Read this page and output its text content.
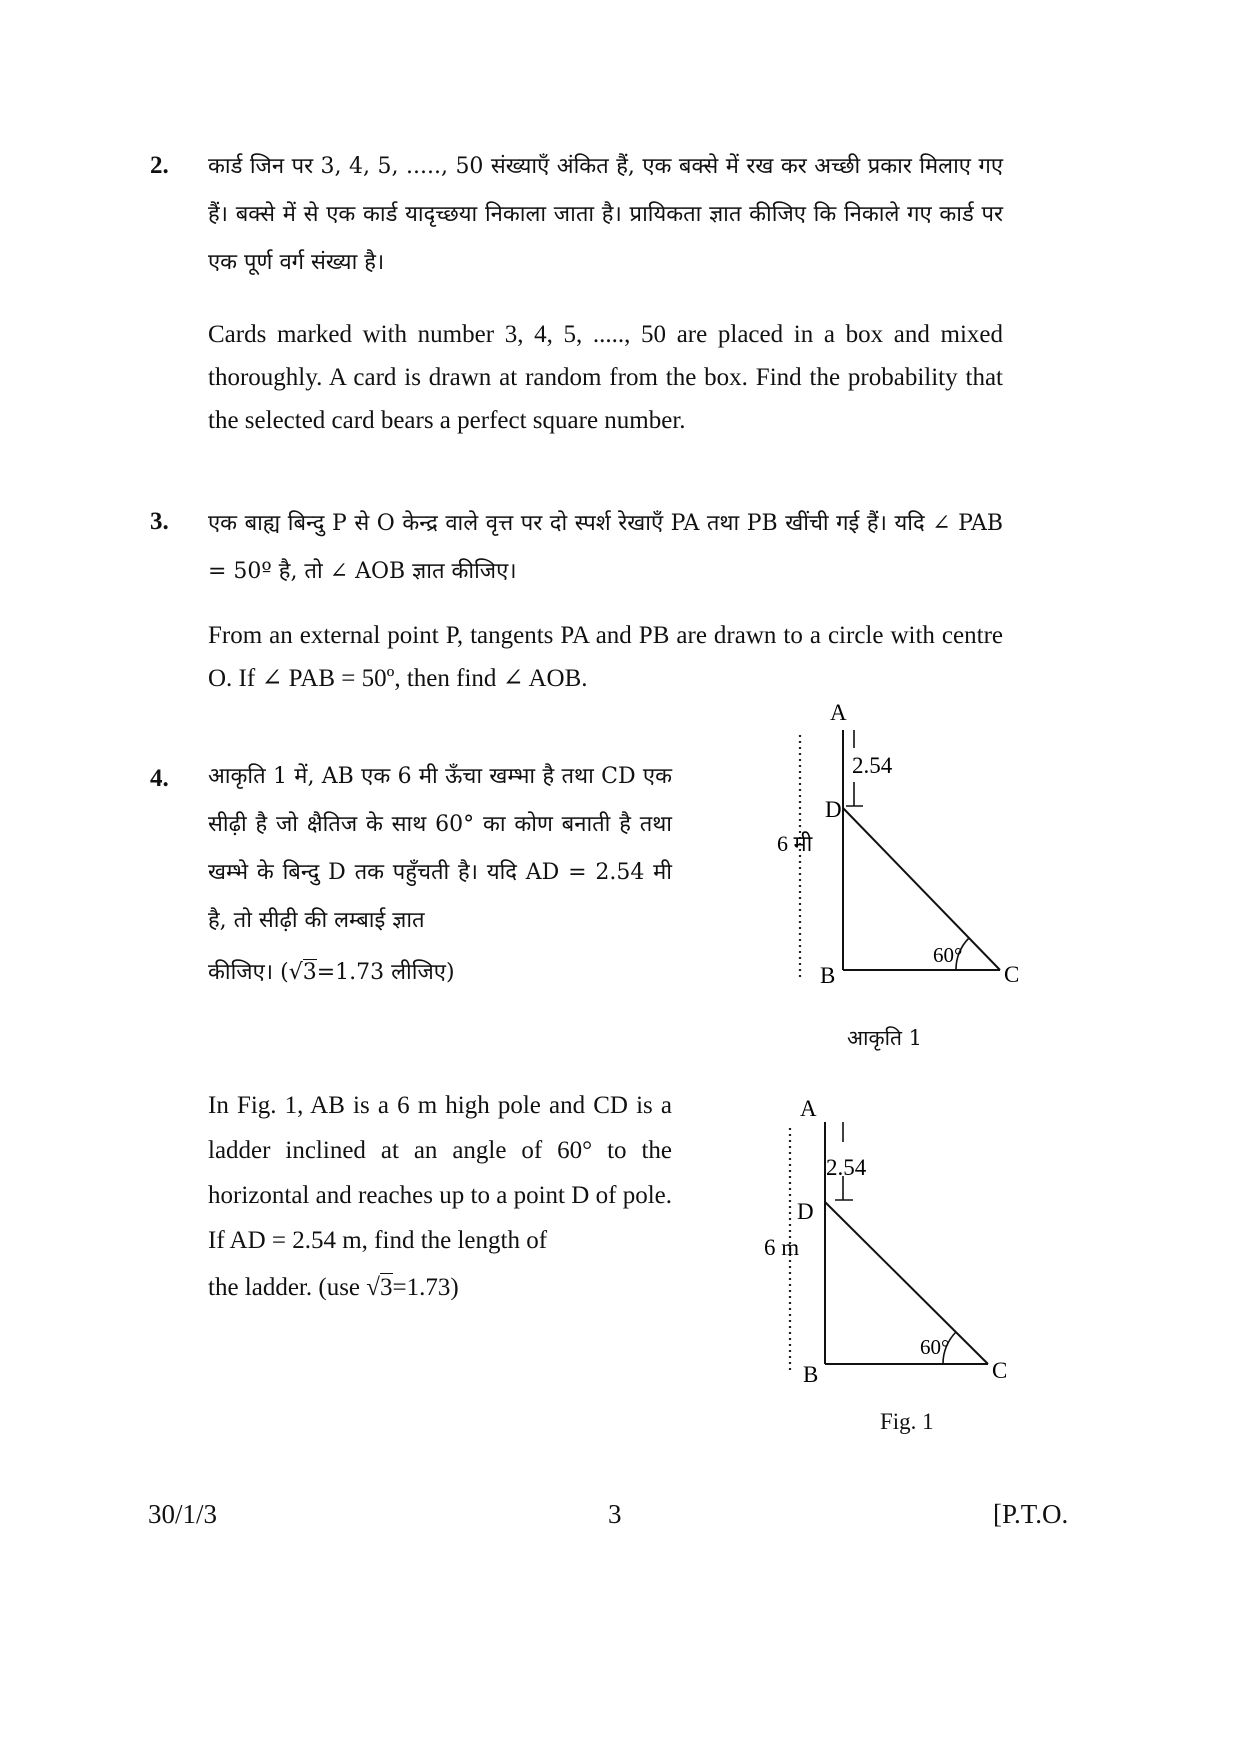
2. कार्ड जिन पर 3, 4, 5, ....., 50 संख्याएँ अंकित हैं, एक बक्से में रख कर अच्छी प्रकार मिलाए गए हैं। बक्से में से एक कार्ड यादृच्छया निकाला जाता है। प्रायिकता ज्ञात कीजिए कि निकाले गए कार्ड पर एक पूर्ण वर्ग संख्या है।
Cards marked with number 3, 4, 5, ....., 50 are placed in a box and mixed thoroughly. A card is drawn at random from the box. Find the probability that the selected card bears a perfect square number.
3. एक बाह्य बिन्दु P से O केन्द्र वाले वृत्त पर दो स्पर्श रेखाएँ PA तथा PB खींची गई हैं। यदि ∠ PAB = 50º है, तो ∠ AOB ज्ञात कीजिए।
From an external point P, tangents PA and PB are drawn to a circle with centre O. If ∠ PAB = 50º, then find ∠ AOB.
4. आकृति 1 में, AB एक 6 मी ऊँचा खम्भा है तथा CD एक सीढ़ी है जो क्षैतिज के साथ 60° का कोण बनाती है तथा खम्भे के बिन्दु D तक पहुँचती है। यदि AD = 2.54 मी है, तो सीढ़ी की लम्बाई ज्ञात
कीजिए। (√3=1.73 लीजिए)
In Fig. 1, AB is a 6 m high pole and CD is a ladder inclined at an angle of 60° to the horizontal and reaches up to a point D of pole. If AD = 2.54 m, find the length of
the ladder. (use √3=1.73)
A
D
B	C
2.54
6 मी
60°
आकृति 1
A
D
B	C
2.54
6 m
60°
Fig. 1
30/1/3	3	[P.T.O.
